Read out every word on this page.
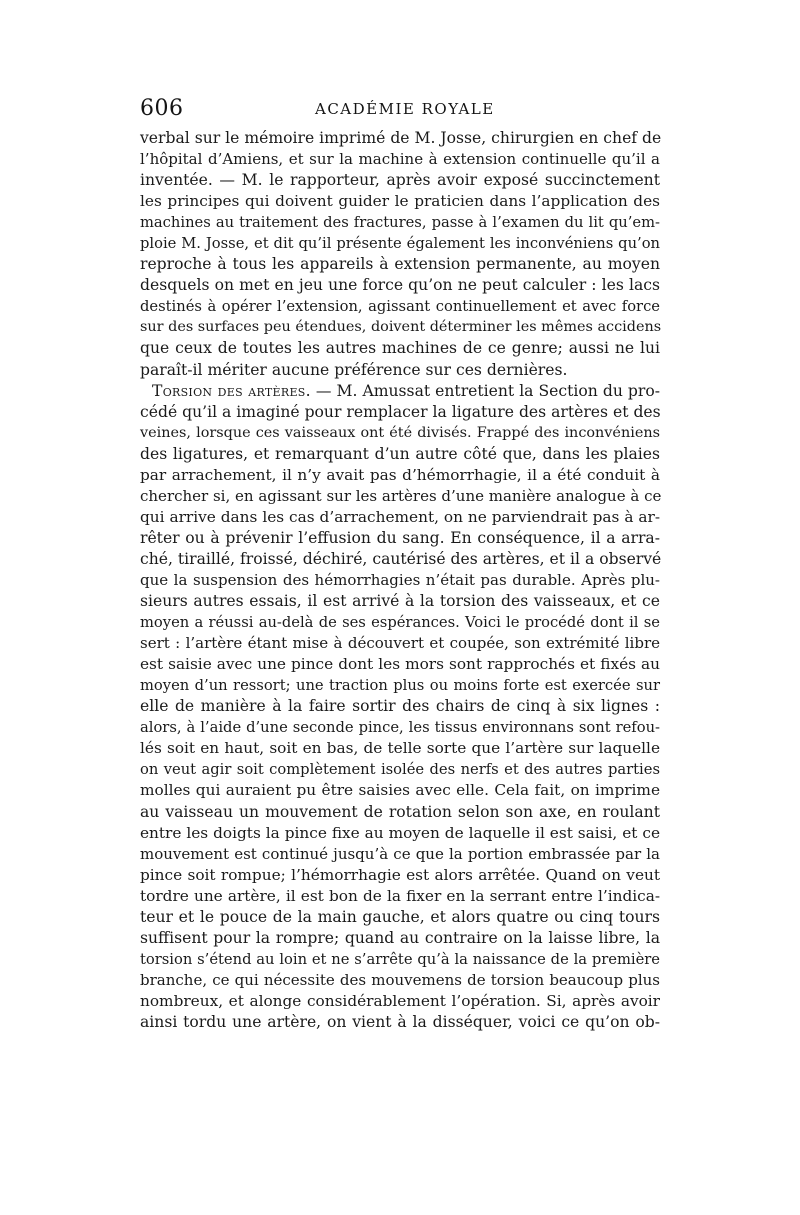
606	ACADÉMIE ROYALE
verbal sur le mémoire imprimé de M. Josse, chirurgien en chef de
l’hôpital d’Amiens, et sur la machine à extension continuelle qu’il a
inventée. — M. le rapporteur, après avoir exposé succinctement
les principes qui doivent guider le praticien dans l’application des
machines au traitement des fractures, passe à l’examen du lit qu’em-
ploie M. Josse, et dit qu’il présente également les inconvéniens qu’on
reproche à tous les appareils à extension permanente, au moyen
desquels on met en jeu une force qu’on ne peut calculer : les lacs
destinés à opérer l’extension, agissant continuellement et avec force
sur des surfaces peu étendues, doivent déterminer les mêmes accidens
que ceux de toutes les autres machines de ce genre; aussi ne lui
paraît-il mériter aucune préférence sur ces dernières.
Torsion des artères. — M. Amussat entretient la Section du pro-
cédé qu’il a imaginé pour remplacer la ligature des artères et des
veines, lorsque ces vaisseaux ont été divisés. Frappé des inconvéniens
des ligatures, et remarquant d’un autre côté que, dans les plaies
par arrachement, il n’y avait pas d’hémorrhagie, il a été conduit à
chercher si, en agissant sur les artères d’une manière analogue à ce
qui arrive dans les cas d’arrachement, on ne parviendrait pas à ar-
rêter ou à prévenir l’effusion du sang. En conséquence, il a arra-
ché, tiraillé, froissé, déchiré, cautérisé des artères, et il a observé
que la suspension des hémorrhagies n’était pas durable. Après plu-
sieurs autres essais, il est arrivé à la torsion des vaisseaux, et ce
moyen a réussi au-delà de ses espérances. Voici le procédé dont il se
sert : l’artère étant mise à découvert et coupée, son extrémité libre
est saisie avec une pince dont les mors sont rapprochés et fixés au
moyen d’un ressort; une traction plus ou moins forte est exercée sur
elle de manière à la faire sortir des chairs de cinq à six lignes :
alors, à l’aide d’une seconde pince, les tissus environnans sont refou-
lés soit en haut, soit en bas, de telle sorte que l’artère sur laquelle
on veut agir soit complètement isolée des nerfs et des autres parties
molles qui auraient pu être saisies avec elle. Cela fait, on imprime
au vaisseau un mouvement de rotation selon son axe, en roulant
entre les doigts la pince fixe au moyen de laquelle il est saisi, et ce
mouvement est continué jusqu’à ce que la portion embrassée par la
pince soit rompue; l’hémorrhagie est alors arrêtée. Quand on veut
tordre une artère, il est bon de la fixer en la serrant entre l’indica-
teur et le pouce de la main gauche, et alors quatre ou cinq tours
suffisent pour la rompre; quand au contraire on la laisse libre, la
torsion s’étend au loin et ne s’arrête qu’à la naissance de la première
branche, ce qui nécessite des mouvemens de torsion beaucoup plus
nombreux, et alonge considérablement l’opération. Si, après avoir
ainsi tordu une artère, on vient à la disséquer, voici ce qu’on ob-
